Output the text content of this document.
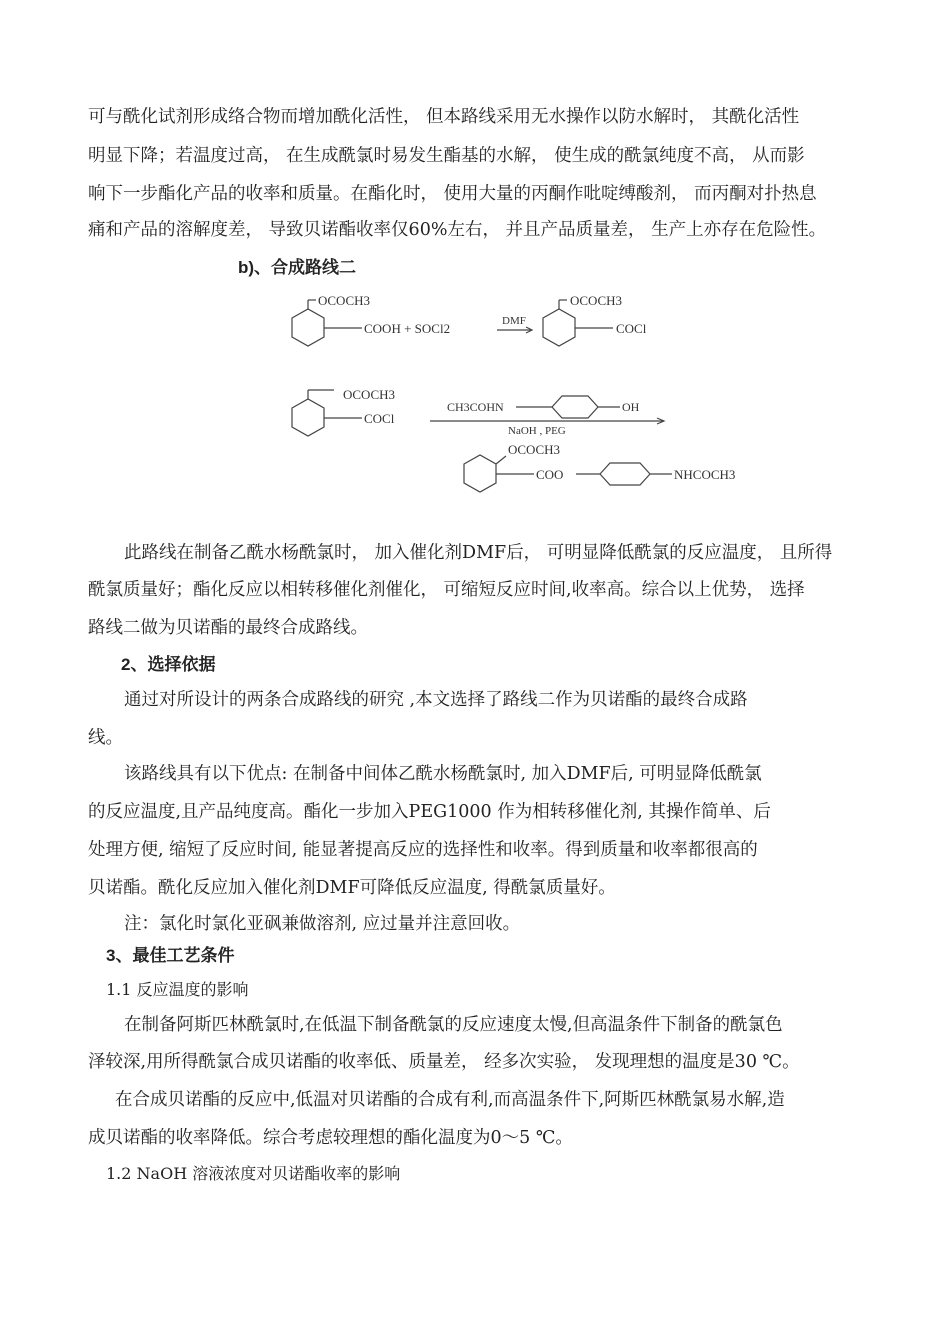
可与酰化试剂形成络合物而增加酰化活性， 但本路线采用无水操作以防水解时， 其酰化活性
明显下降；若温度过高， 在生成酰氯时易发生酯基的水解， 使生成的酰氯纯度不高， 从而影
响下一步酯化产品的收率和质量。在酯化时， 使用大量的丙酮作吡啶缚酸剂， 而丙酮对扑热息
痛和产品的溶解度差， 导致贝诺酯收率仅60%左右， 并且产品质量差， 生产上亦存在危险性。
b)、合成路线二
OCOCH3
COOH + SOCl2	DMF
OCOCH3
COCl
OCOCH3
COCl
CH3COHN	OH
NaOH , PEG
OCOCH3
COO	NHCOCH3
此路线在制备乙酰水杨酰氯时， 加入催化剂DMF后， 可明显降低酰氯的反应温度， 且所得
酰氯质量好；酯化反应以相转移催化剂催化， 可缩短反应时间,收率高。综合以上优势， 选择
路线二做为贝诺酯的最终合成路线。
2、选择依据
通过对所设计的两条合成路线的研究 ,本文选择了路线二作为贝诺酯的最终合成路
线。
该路线具有以下优点: 在制备中间体乙酰水杨酰氯时, 加入DMF后, 可明显降低酰氯
的反应温度,且产品纯度高。酯化一步加入PEG1000 作为相转移催化剂, 其操作简单、后
处理方便, 缩短了反应时间, 能显著提高反应的选择性和收率。得到质量和收率都很高的
贝诺酯。酰化反应加入催化剂DMF可降低反应温度, 得酰氯质量好。
注：氯化时氯化亚砜兼做溶剂, 应过量并注意回收。
3、最佳工艺条件
1.1 反应温度的影响
在制备阿斯匹林酰氯时,在低温下制备酰氯的反应速度太慢,但高温条件下制备的酰氯色
泽较深,用所得酰氯合成贝诺酯的收率低、质量差， 经多次实验， 发现理想的温度是30 ℃。
在合成贝诺酯的反应中,低温对贝诺酯的合成有利,而高温条件下,阿斯匹林酰氯易水解,造
成贝诺酯的收率降低。综合考虑较理想的酯化温度为0～5 ℃。
1.2 NaOH 溶液浓度对贝诺酯收率的影响
